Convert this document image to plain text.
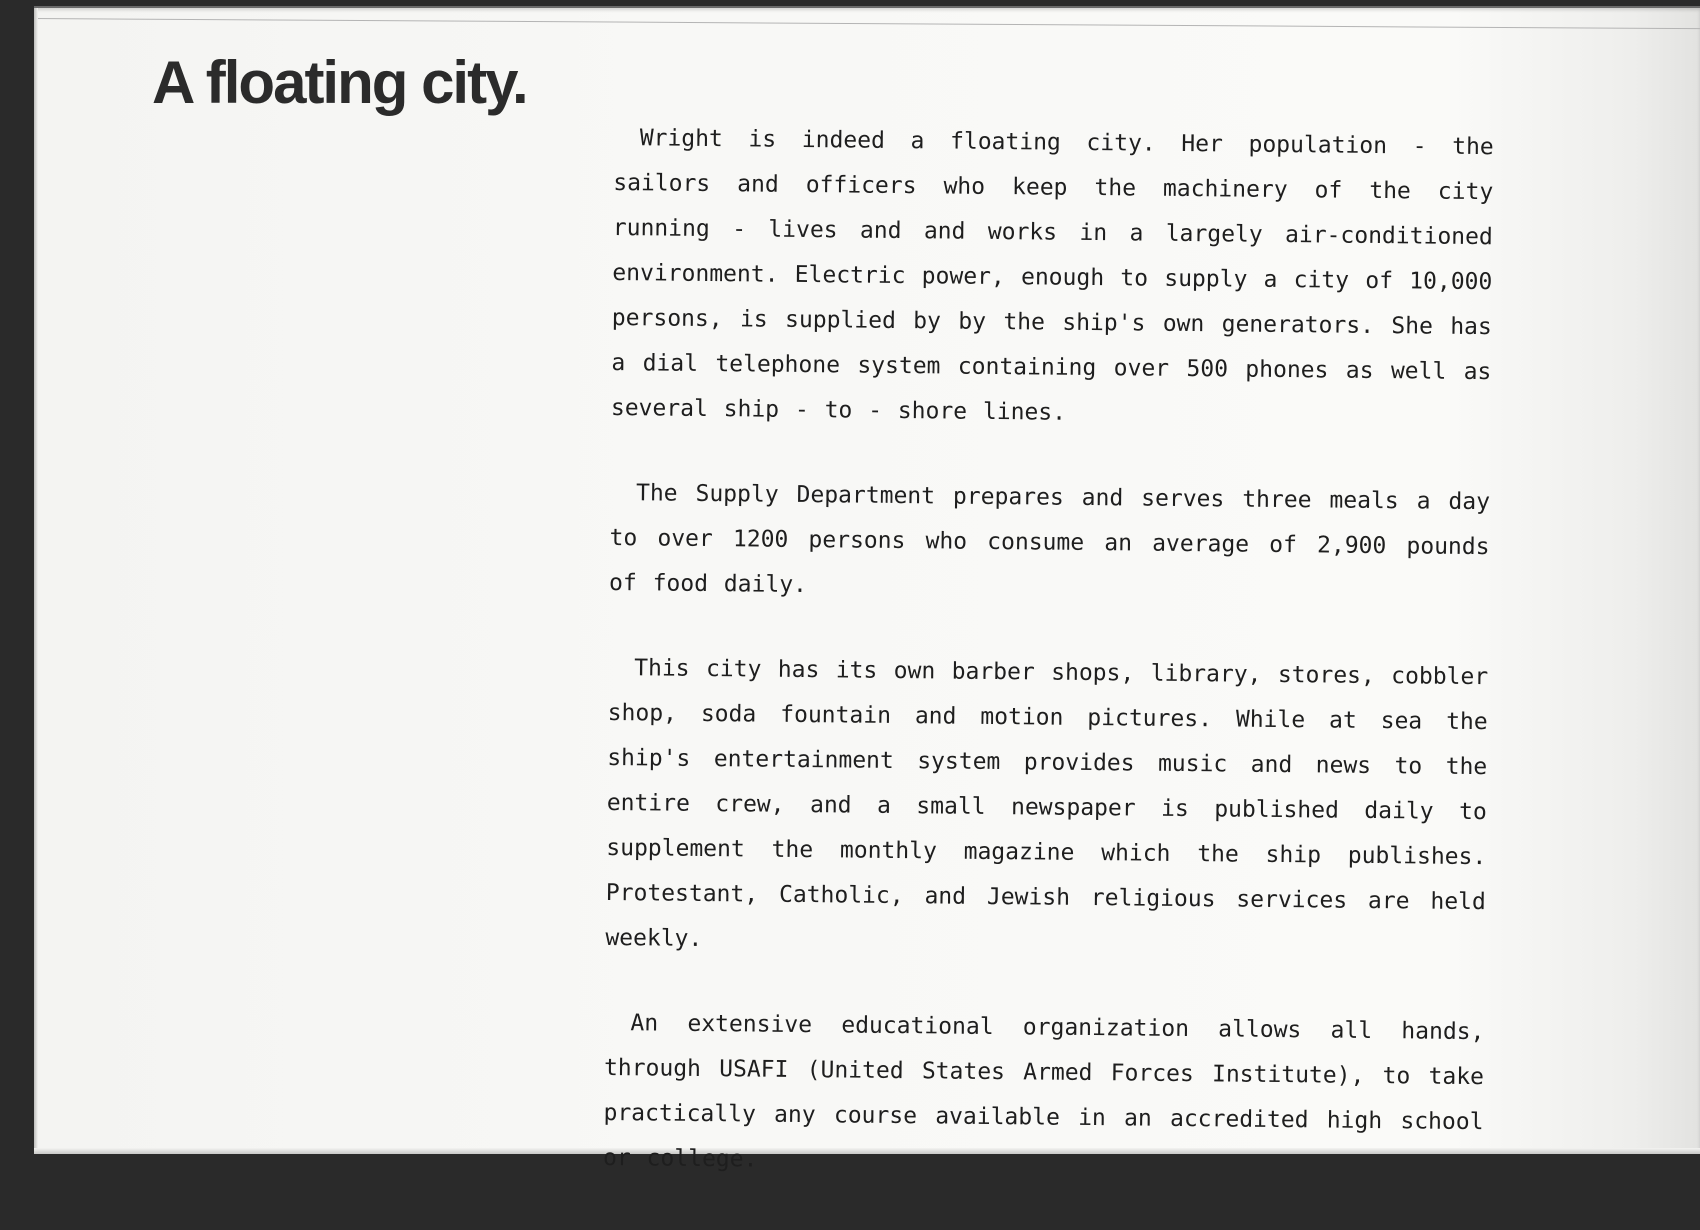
A floating city.

Wright is indeed a floating city. Her population - the sailors and officers who keep the machinery of the city running - lives and and works in a largely air-conditioned environment. Electric power, enough to supply a city of 10,000 persons, is supplied by by the ship's own generators. She has a dial telephone system containing over 500 phones as well as several ship - to - shore lines.

The Supply Department prepares and serves three meals a day to over 1200 persons who consume an average of 2,900 pounds of food daily.

This city has its own barber shops, library, stores, cobbler shop, soda fountain and motion pictures. While at sea the ship's entertainment system provides music and news to the entire crew, and a small newspaper is published daily to supplement the monthly magazine which the ship publishes. Protestant, Catholic, and Jewish religious services are held weekly.

An extensive educational organization allows all hands, through USAFI (United States Armed Forces Institute), to take practically any course available in an accredited high school or college.
